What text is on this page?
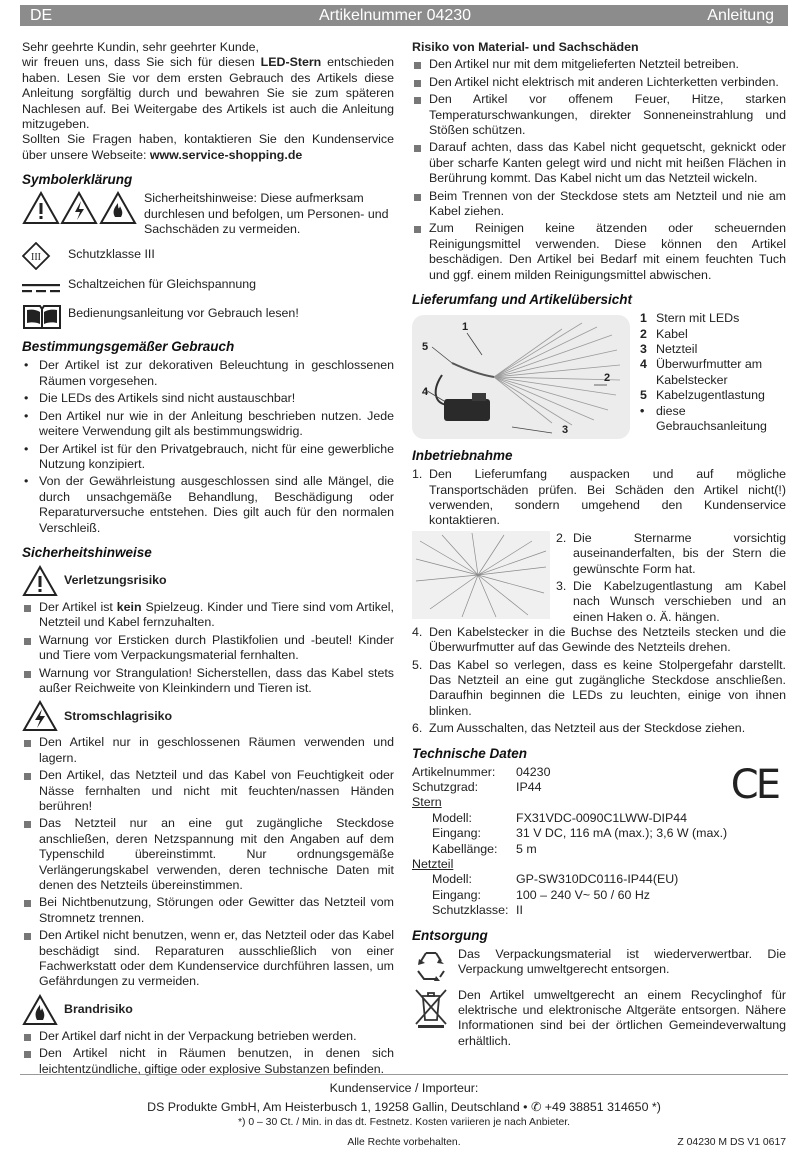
DE	Artikelnummer 04230	Anleitung

Sehr geehrte Kundin, sehr geehrter Kunde,

wir freuen uns, dass Sie sich für diesen LED-Stern entschieden haben. Lesen Sie vor dem ersten Gebrauch des Artikels diese Anleitung sorgfältig durch und bewahren Sie sie zum späteren Nachlesen auf. Bei Weitergabe des Artikels ist auch die Anleitung mitzugeben.

Sollten Sie Fragen haben, kontaktieren Sie den Kundenservice über unsere Webseite: www.service-shopping.de

Symbolerklärung

Sicherheitshinweise: Diese aufmerksam durchlesen und befolgen, um Personen- und Sachschäden zu vermeiden.

III Schutzklasse III

Schaltzeichen für Gleichspannung

Bedienungsanleitung vor Gebrauch lesen!

Bestimmungsgemäßer Gebrauch
• Der Artikel ist zur dekorativen Beleuchtung in geschlossenen Räumen vorgesehen.
• Die LEDs des Artikels sind nicht austauschbar!
• Den Artikel nur wie in der Anleitung beschrieben nutzen. Jede weitere Verwendung gilt als bestimmungswidrig.
• Der Artikel ist für den Privatgebrauch, nicht für eine gewerbliche Nutzung konzipiert.
• Von der Gewährleistung ausgeschlossen sind alle Mängel, die durch unsachgemäße Behandlung, Beschädigung oder Reparaturversuche entstehen. Dies gilt auch für den normalen Verschleiß.
Sicherheitshinweise
Verletzungsrisiko
Der Artikel ist kein Spielzeug. Kinder und Tiere sind vom Artikel, Netzteil und Kabel fernzuhalten.
Warnung vor Ersticken durch Plastikfolien und -beutel! Kinder und Tiere vom Verpackungsmaterial fernhalten.
Warnung vor Strangulation! Sicherstellen, dass das Kabel stets außer Reichweite von Kleinkindern und Tieren ist.
Stromschlagrisiko
Den Artikel nur in geschlossenen Räumen verwenden und lagern.
Den Artikel, das Netzteil und das Kabel von Feuchtigkeit oder Nässe fernhalten und nicht mit feuchten/nassen Händen berühren!
Das Netzteil nur an eine gut zugängliche Steckdose anschließen, deren Netzspannung mit den Angaben auf dem Typenschild übereinstimmt. Nur ordnungsgemäße Verlängerungskabel verwenden, deren technische Daten mit denen des Netzteils übereinstimmen.
Bei Nichtbenutzung, Störungen oder Gewitter das Netzteil vom Stromnetz trennen.
Den Artikel nicht benutzen, wenn er, das Netzteil oder das Kabel beschädigt sind. Reparaturen ausschließlich von einer Fachwerkstatt oder dem Kundenservice durchführen lassen, um Gefährdungen zu vermeiden.
Brandrisiko
Der Artikel darf nicht in der Verpackung betrieben werden.
Den Artikel nicht in Räumen benutzen, in denen sich leichtentzündliche, giftige oder explosive Substanzen befinden.
Risiko von Material- und Sachschäden
Den Artikel nur mit dem mitgelieferten Netzteil betreiben.
Den Artikel nicht elektrisch mit anderen Lichterketten verbinden.
Den Artikel vor offenem Feuer, Hitze, starken Temperaturschwankungen, direkter Sonneneinstrahlung und Stößen schützen.
Darauf achten, dass das Kabel nicht gequetscht, geknickt oder über scharfe Kanten gelegt wird und nicht mit heißen Flächen in Berührung kommt. Das Kabel nicht um das Netzteil wickeln.
Beim Trennen von der Steckdose stets am Netzteil und nie am Kabel ziehen.
Zum Reinigen keine ätzenden oder scheuernden Reinigungsmittel verwenden. Diese können den Artikel beschädigen. Den Artikel bei Bedarf mit einem feuchten Tuch und ggf. einem milden Reinigungsmittel abwischen.
Lieferumfang und Artikelübersicht
1
2
3
4
5
1 Stern mit LEDs
2 Kabel
3 Netzteil
4 Überwurfmutter am Kabelstecker
5 Kabelzugentlastung
• diese Gebrauchsanleitung
Inbetriebnahme
1. Den Lieferumfang auspacken und auf mögliche Transportschäden prüfen. Bei Schäden den Artikel nicht(!) verwenden, sondern umgehend den Kundenservice kontaktieren.
2. Die Sternarme vorsichtig auseinanderfalten, bis der Stern die gewünschte Form hat.
3. Die Kabelzugentlastung am Kabel nach Wunsch verschieben und an einen Haken o. Ä. hängen.
4. Den Kabelstecker in die Buchse des Netzteils stecken und die Überwurfmutter auf das Gewinde des Netzteils drehen.
5. Das Kabel so verlegen, dass es keine Stolpergefahr darstellt. Das Netzteil an eine gut zugängliche Steckdose anschließen. Daraufhin beginnen die LEDs zu leuchten, einige von ihnen blinken.
6. Zum Ausschalten, das Netzteil aus der Steckdose ziehen.
Technische Daten
CE
Artikelnummer:	04230
Schutzgrad:	IP44
Stern
Modell:	FX31VDC-0090C1LWW-DIP44
Eingang:	31 V DC, 116 mA (max.); 3,6 W (max.)
Kabellänge:	5 m
Netzteil
Modell:	GP-SW310DC0116-IP44(EU)
Eingang:	100 – 240 V~ 50 / 60 Hz
Schutzklasse: II
Entsorgung

Das Verpackungsmaterial ist wiederverwertbar. Die Verpackung umweltgerecht entsorgen.

Den Artikel umweltgerecht an einem Recyclinghof für elektrische und elektronische Altgeräte entsorgen. Nähere Informationen sind bei der örtlichen Gemeindeverwaltung erhältlich.

Kundenservice / Importeur:

DS Produkte GmbH, Am Heisterbusch 1, 19258 Gallin, Deutschland • ✆ +49 38851 314650 *)

*) 0 – 30 Ct. / Min. in das dt. Festnetz. Kosten variieren je nach Anbieter.

Alle Rechte vorbehalten.	Z 04230 M DS V1 0617
